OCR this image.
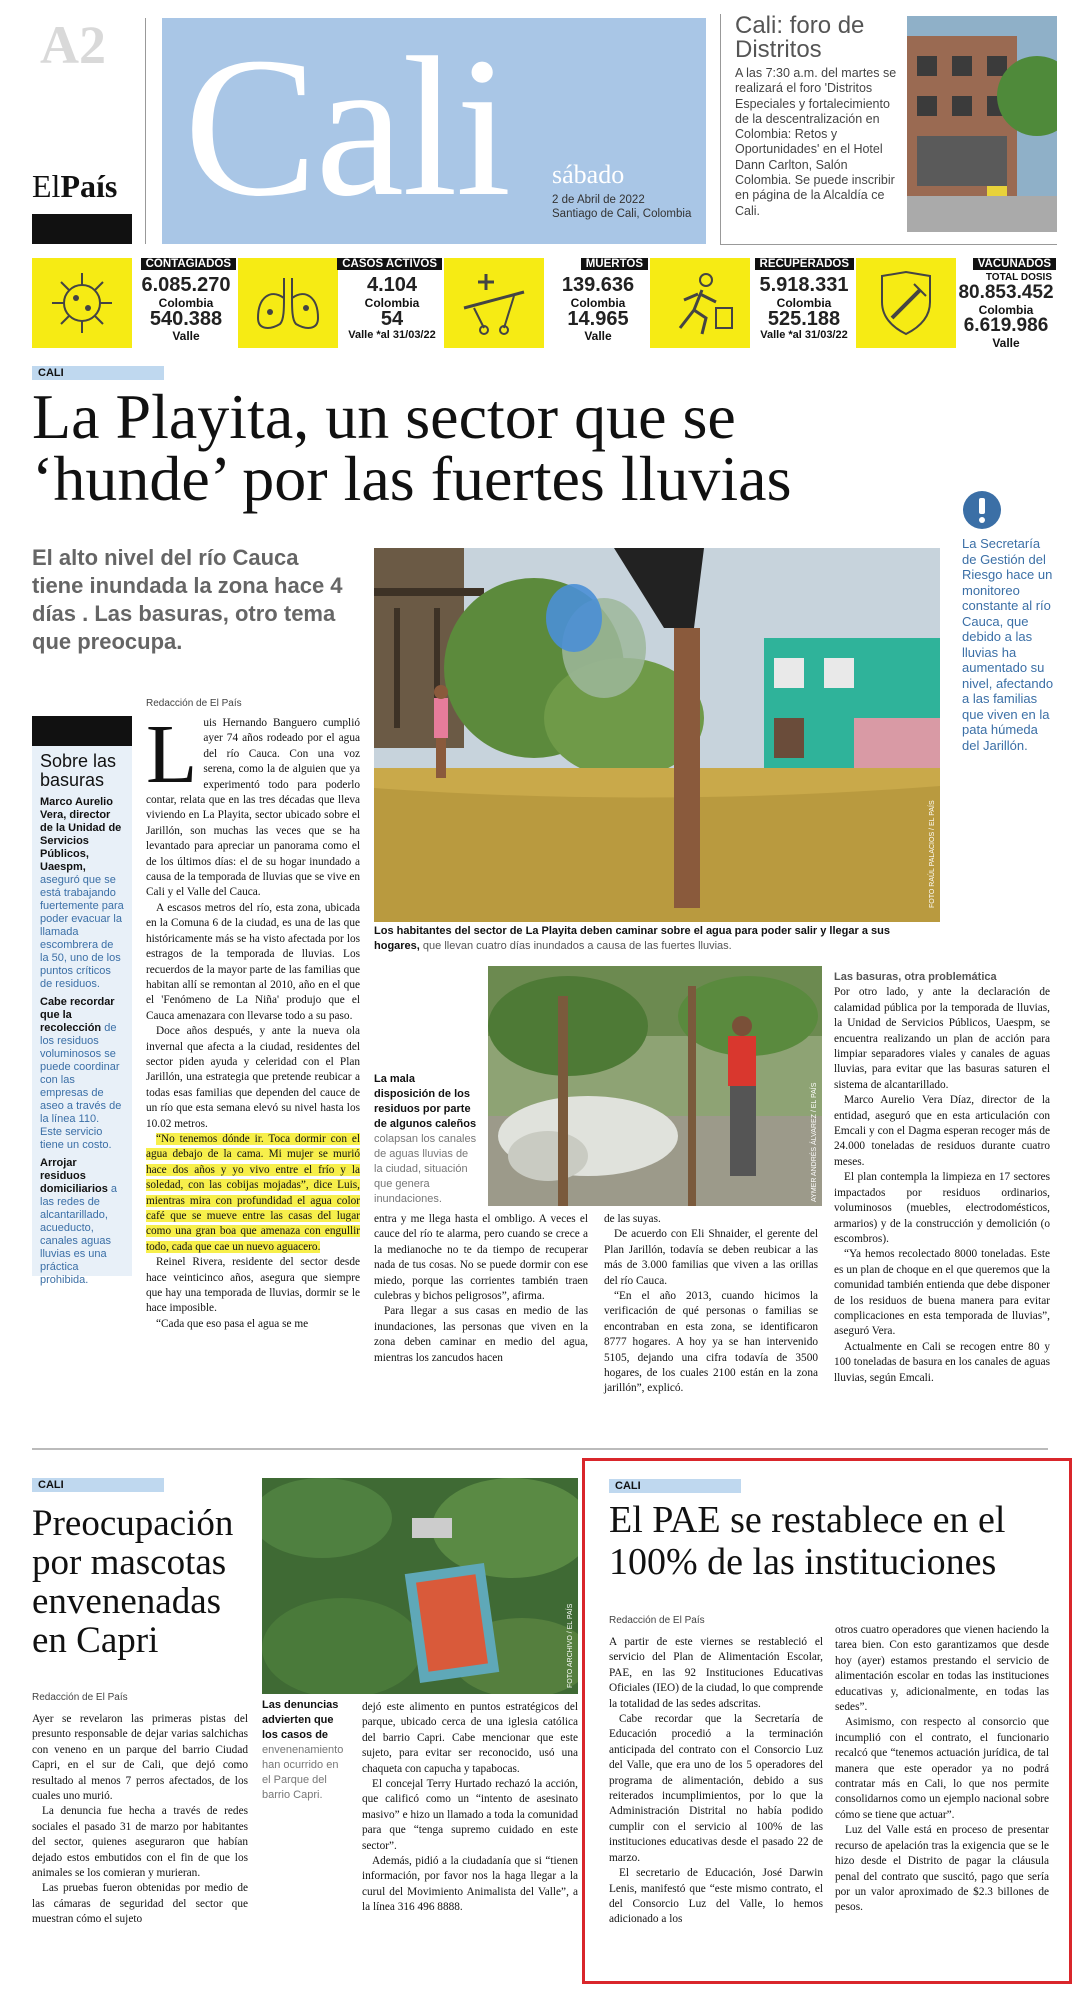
A2
ElPaís Cali sábado
2 de Abril de 2022
Santiago de Cali, Colombia
Cali: foro de Distritos
A las 7:30 a.m. del martes se realizará el foro 'Distritos Especiales y fortalecimiento de la descentralización en Colombia: Retos y Oportunidades' en el Hotel Dann Carlton, Salón Colombia. Se puede inscribir en página de la Alcaldía ce Cali.
CONTAGIADOS
6.085.270
Colombia
540.388
Valle
CASOS ACTIVOS
4.104
Colombia
54
Valle *al 31/03/22
MUERTOS
139.636
Colombia
14.965
Valle
RECUPERADOS
5.918.331
Colombia
525.188
Valle *al 31/03/22
VACUNADOS
TOTAL DOSIS
80.853.452
Colombia
6.619.986
Valle
CALI
La Playita, un sector que se
‘hunde’ por las fuertes lluvias
La Secretaría de Gestión del Riesgo hace un monitoreo constante al río Cauca, que debido a las lluvias ha aumentado su nivel, afectando a las familias que viven en la pata húmeda del Jarillón.
El alto nivel del río Cauca tiene inundada la zona hace 4 días . Las basuras, otro tema que preocupa.
FOTO RAÚL PALACIOS / EL PAÍS
Los habitantes del sector de La Playita deben caminar sobre el agua para poder salir y llegar a sus hogares, que llevan cuatro días inundados a causa de las fuertes lluvias.
AYMER ANDRÉS ÁLVAREZ / EL PAÍS
La mala disposición de los residuos por parte de algunos caleños colapsan los canales de aguas lluvias de la ciudad, situación que genera inundaciones.
Sobre las basuras
Marco Aurelio Vera, director de la Unidad de Servicios Públicos, Uaespm, aseguró que se está trabajando fuertemente para poder evacuar la llamada escombrera de la 50, uno de los puntos críticos de residuos.
Cabe recordar que la recolección de los residuos voluminosos se puede coordinar con las empresas de aseo a través de la línea 110. Este servicio tiene un costo.
Arrojar residuos domiciliarios a las redes de alcantarillado, acueducto, canales aguas lluvias es una práctica prohibida.
Redacción de El País

Luis Hernando Banguero cumplió ayer 74 años rodeado por el agua del río Cauca. Con una voz serena, como la de alguien que ya experimentó todo para poderlo contar, relata que en las tres décadas que lleva viviendo en La Playita, sector ubicado sobre el Jarillón, son muchas las veces que se ha levantado para apreciar un panorama como el de los últimos días: el de su hogar inundado a causa de la temporada de lluvias que se vive en Cali y el Valle del Cauca.

A escasos metros del río, esta zona, ubicada en la Comuna 6 de la ciudad, es una de las que históricamente más se ha visto afectada por los estragos de la temporada de lluvias. Los recuerdos de la mayor parte de las familias que habitan allí se remontan al 2010, año en el que el 'Fenómeno de La Niña' produjo que el Cauca amenazara con llevarse todo a su paso.

Doce años después, y ante la nueva ola invernal que afecta a la ciudad, residentes del sector piden ayuda y celeridad con el Plan Jarillón, una estrategia que pretende reubicar a todas esas familias que dependen del cauce de un río que esta semana elevó su nivel hasta los 10.02 metros.

“No tenemos dónde ir. Toca dormir con el agua debajo de la cama. Mi mujer se murió hace dos años y yo vivo entre el frío y la soledad, con las cobijas mojadas”, dice Luis, mientras mira con profundidad el agua color café que se mueve entre las casas del lugar como una gran boa que amenaza con engullir todo, cada que cae un nuevo aguacero.

Reinel Rivera, residente del sector desde hace veinticinco años, asegura que siempre que hay una temporada de lluvias, dormir se le hace imposible.

“Cada que eso pasa el agua se me

entra y me llega hasta el ombligo. A veces el cauce del río te alarma, pero cuando se crece a la medianoche no te da tiempo de recuperar nada de tus cosas. No se puede dormir con ese miedo, porque las corrientes también traen culebras y bichos peligrosos”, afirma.

Para llegar a sus casas en medio de las inundaciones, las personas que viven en la zona deben caminar en medio del agua, mientras los zancudos hacen

de las suyas.

De acuerdo con Eli Shnaider, el gerente del Plan Jarillón, todavía se deben reubicar a las más de 3.000 familias que viven a las orillas del río Cauca.

“En el año 2013, cuando hicimos la verificación de qué personas o familias se encontraban en esta zona, se identificaron 8777 hogares. A hoy ya se han intervenido 5105, dejando una cifra todavía de 3500 hogares, de los cuales 2100 están en la zona jarillón”, explicó.

Las basuras, otra problemática

Por otro lado, y ante la declaración de calamidad pública por la temporada de lluvias, la Unidad de Servicios Públicos, Uaespm, se encuentra realizando un plan de acción para limpiar separadores viales y canales de aguas lluvias, para evitar que las basuras saturen el sistema de alcantarillado.

Marco Aurelio Vera Díaz, director de la entidad, aseguró que en esta articulación con Emcali y con el Dagma esperan recoger más de 24.000 toneladas de residuos durante cuatro meses.

El plan contempla la limpieza en 17 sectores impactados por residuos ordinarios, voluminosos (muebles, electrodomésticos, armarios) y de la construcción y demolición (o escombros).

“Ya hemos recolectado 8000 toneladas. Este es un plan de choque en el que queremos que la comunidad también entienda que debe disponer de los residuos de buena manera para evitar complicaciones en esta temporada de lluvias”, aseguró Vera.

Actualmente en Cali se recogen entre 80 y 100 toneladas de basura en los canales de aguas lluvias, según Emcali.

CALI
Preocupación por mascotas envenenadas en Capri	FOTO ARCHIVO / EL PAÍS
Las denuncias advierten que los casos de envenenamiento han ocurrido en el Parque del barrio Capri.
Redacción de El País

Ayer se revelaron las primeras pistas del presunto responsable de dejar varias salchichas con veneno en un parque del barrio Ciudad Capri, en el sur de Cali, que dejó como resultado al menos 7 perros afectados, de los cuales uno murió.

La denuncia fue hecha a través de redes sociales el pasado 31 de marzo por habitantes del sector, quienes aseguraron que habían dejado estos embutidos con el fin de que los animales se los comieran y murieran.

Las pruebas fueron obtenidas por medio de las cámaras de seguridad del sector que muestran cómo el sujeto

dejó este alimento en puntos estratégicos del parque, ubicado cerca de una iglesia católica del barrio Capri. Cabe mencionar que este sujeto, para evitar ser reconocido, usó una chaqueta con capucha y tapabocas.

El concejal Terry Hurtado rechazó la acción, que calificó como un “intento de asesinato masivo” e hizo un llamado a toda la comunidad para que “tenga supremo cuidado en este sector”.

Además, pidió a la ciudadanía que si “tienen información, por favor nos la haga llegar a la curul del Movimiento Animalista del Valle”, a la línea 316 496 8888.

CALI
El PAE se restablece en el 100% de las instituciones
Redacción de El País

A partir de este viernes se restableció el servicio del Plan de Alimentación Escolar, PAE, en las 92 Instituciones Educativas Oficiales (IEO) de la ciudad, lo que comprende la totalidad de las sedes adscritas.

Cabe recordar que la Secretaría de Educación procedió a la terminación anticipada del contrato con el Consorcio Luz del Valle, que era uno de los 5 operadores del programa de alimentación, debido a sus reiterados incumplimientos, por lo que la Administración Distrital no había podido cumplir con el servicio al 100% de las instituciones educativas desde el pasado 22 de marzo.

El secretario de Educación, José Darwin Lenis, manifestó que “este mismo contrato, el del Consorcio Luz del Valle, lo hemos adicionado a los

otros cuatro operadores que vienen haciendo la tarea bien. Con esto garantizamos que desde hoy (ayer) estamos prestando el servicio de alimentación escolar en todas las instituciones educativas y, adicionalmente, en todas las sedes”.

Asimismo, con respecto al consorcio que incumplió con el contrato, el funcionario recalcó que “tenemos actuación jurídica, de tal manera que este operador ya no podrá contratar más en Cali, lo que nos permite consolidarnos como un ejemplo nacional sobre cómo se tiene que actuar”.

Luz del Valle está en proceso de presentar recurso de apelación tras la exigencia que se le hizo desde el Distrito de pagar la cláusula penal del contrato que suscitó, pago que sería por un valor aproximado de $2.3 billones de pesos.
